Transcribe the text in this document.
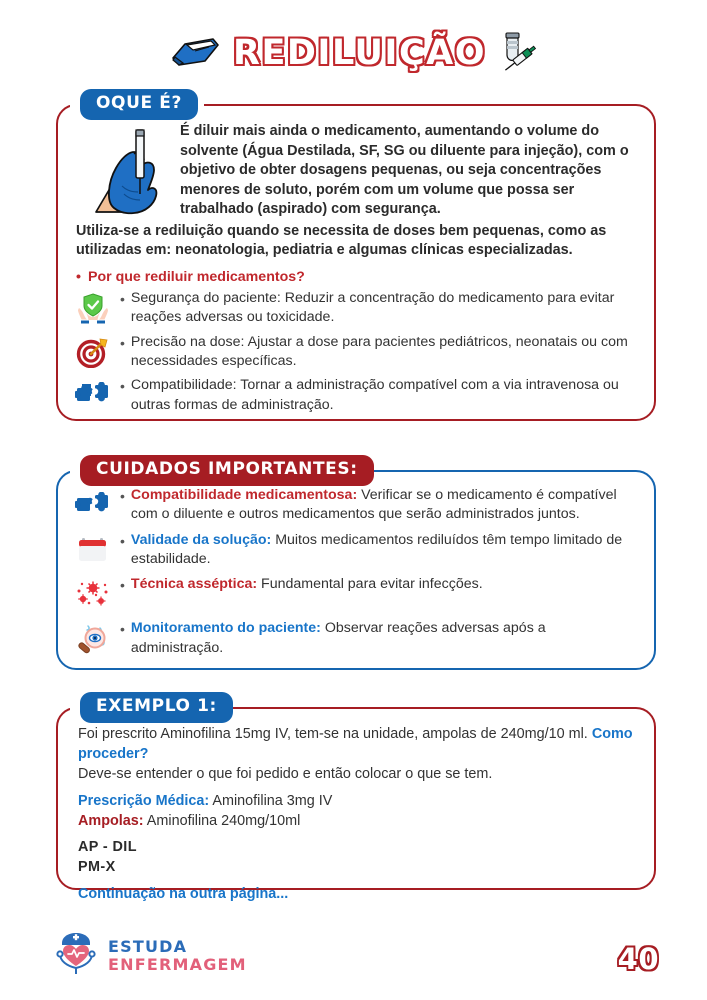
REDILUIÇÃO
OQUE É?
É diluir mais ainda o medicamento, aumentando o volume do solvente (Água Destilada, SF, SG ou diluente para injeção), com o objetivo de obter dosagens pequenas, ou seja concentrações menores de soluto, porém com um volume que possa ser trabalhado (aspirado) com segurança.
Utiliza-se a rediluição quando se necessita de doses bem pequenas, como as utilizadas em: neonatologia, pediatria e algumas clínicas especializadas.
• Por que rediluir medicamentos?
• Segurança do paciente: Reduzir a concentração do medicamento para evitar reações adversas ou toxicidade.
• Precisão na dose: Ajustar a dose para pacientes pediátricos, neonatais ou com necessidades específicas.
• Compatibilidade: Tornar a administração compatível com a via intravenosa ou outras formas de administração.
CUIDADOS IMPORTANTES:
• Compatibilidade medicamentosa: Verificar se o medicamento é compatível com o diluente e outros medicamentos que serão administrados juntos.
• Validade da solução: Muitos medicamentos rediluídos têm tempo limitado de estabilidade.
• Técnica asséptica: Fundamental para evitar infecções.
• Monitoramento do paciente: Observar reações adversas após a administração.
EXEMPLO 1:
Foi prescrito Aminofilina 15mg IV, tem-se na unidade, ampolas de 240mg/10 ml. Como proceder?
Deve-se entender o que foi pedido e então colocar o que se tem.
Prescrição Médica: Aminofilina 3mg IV
Ampolas: Aminofilina 240mg/10ml
AP - DIL
PM-X
Continuação na outra página...
ESTUDA
ENFERMAGEM	40
